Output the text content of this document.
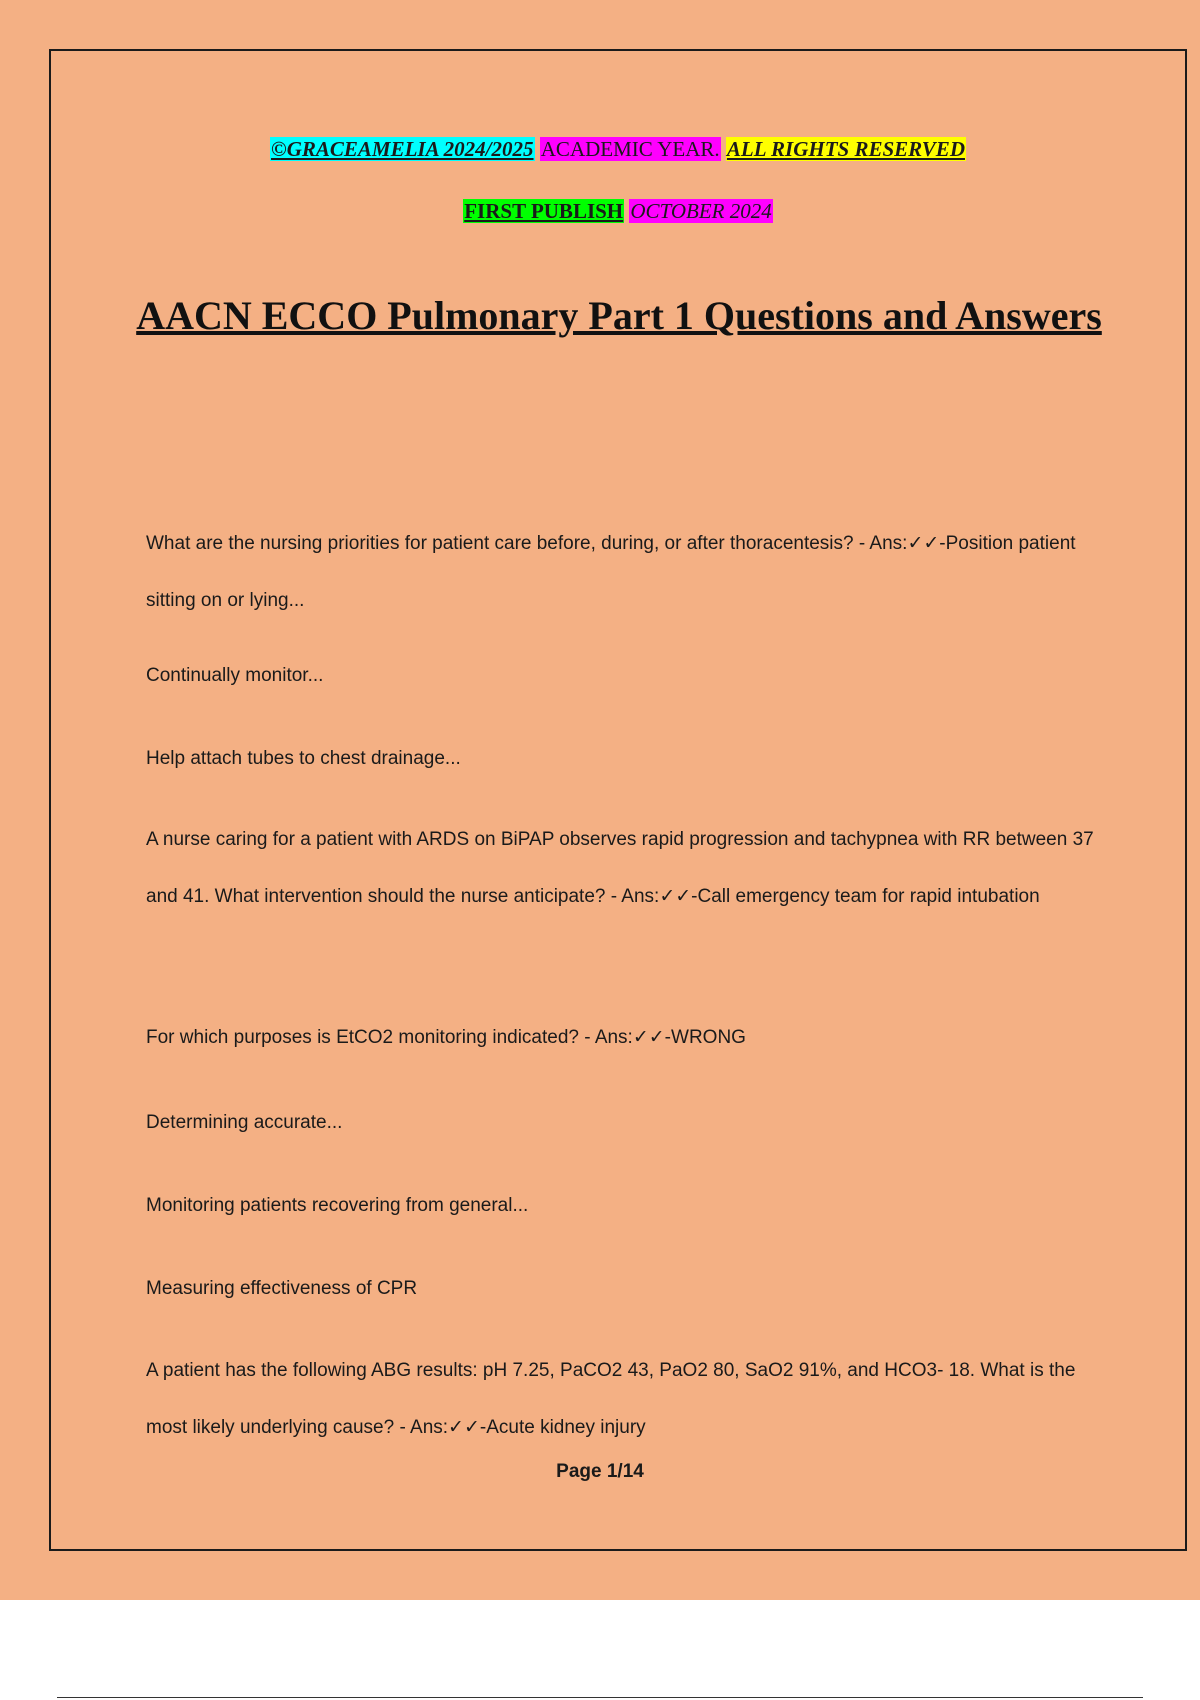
©GRACEAMELIA 2024/2025 ACADEMIC YEAR. ALL RIGHTS RESERVED
FIRST PUBLISH OCTOBER 2024
AACN ECCO Pulmonary Part 1 Questions and Answers

What are the nursing priorities for patient care before, during, or after thoracentesis? - Ans:✓✓-Position patient sitting on or lying...

Continually monitor...

Help attach tubes to chest drainage...

A nurse caring for a patient with ARDS on BiPAP observes rapid progression and tachypnea with RR between 37 and 41. What intervention should the nurse anticipate? - Ans:✓✓-Call emergency team for rapid intubation

For which purposes is EtCO2 monitoring indicated? - Ans:✓✓-WRONG

Determining accurate...

Monitoring patients recovering from general...

Measuring effectiveness of CPR

A patient has the following ABG results: pH 7.25, PaCO2 43, PaO2 80, SaO2 91%, and HCO3- 18. What is the most likely underlying cause? - Ans:✓✓-Acute kidney injury

Page 1/14
